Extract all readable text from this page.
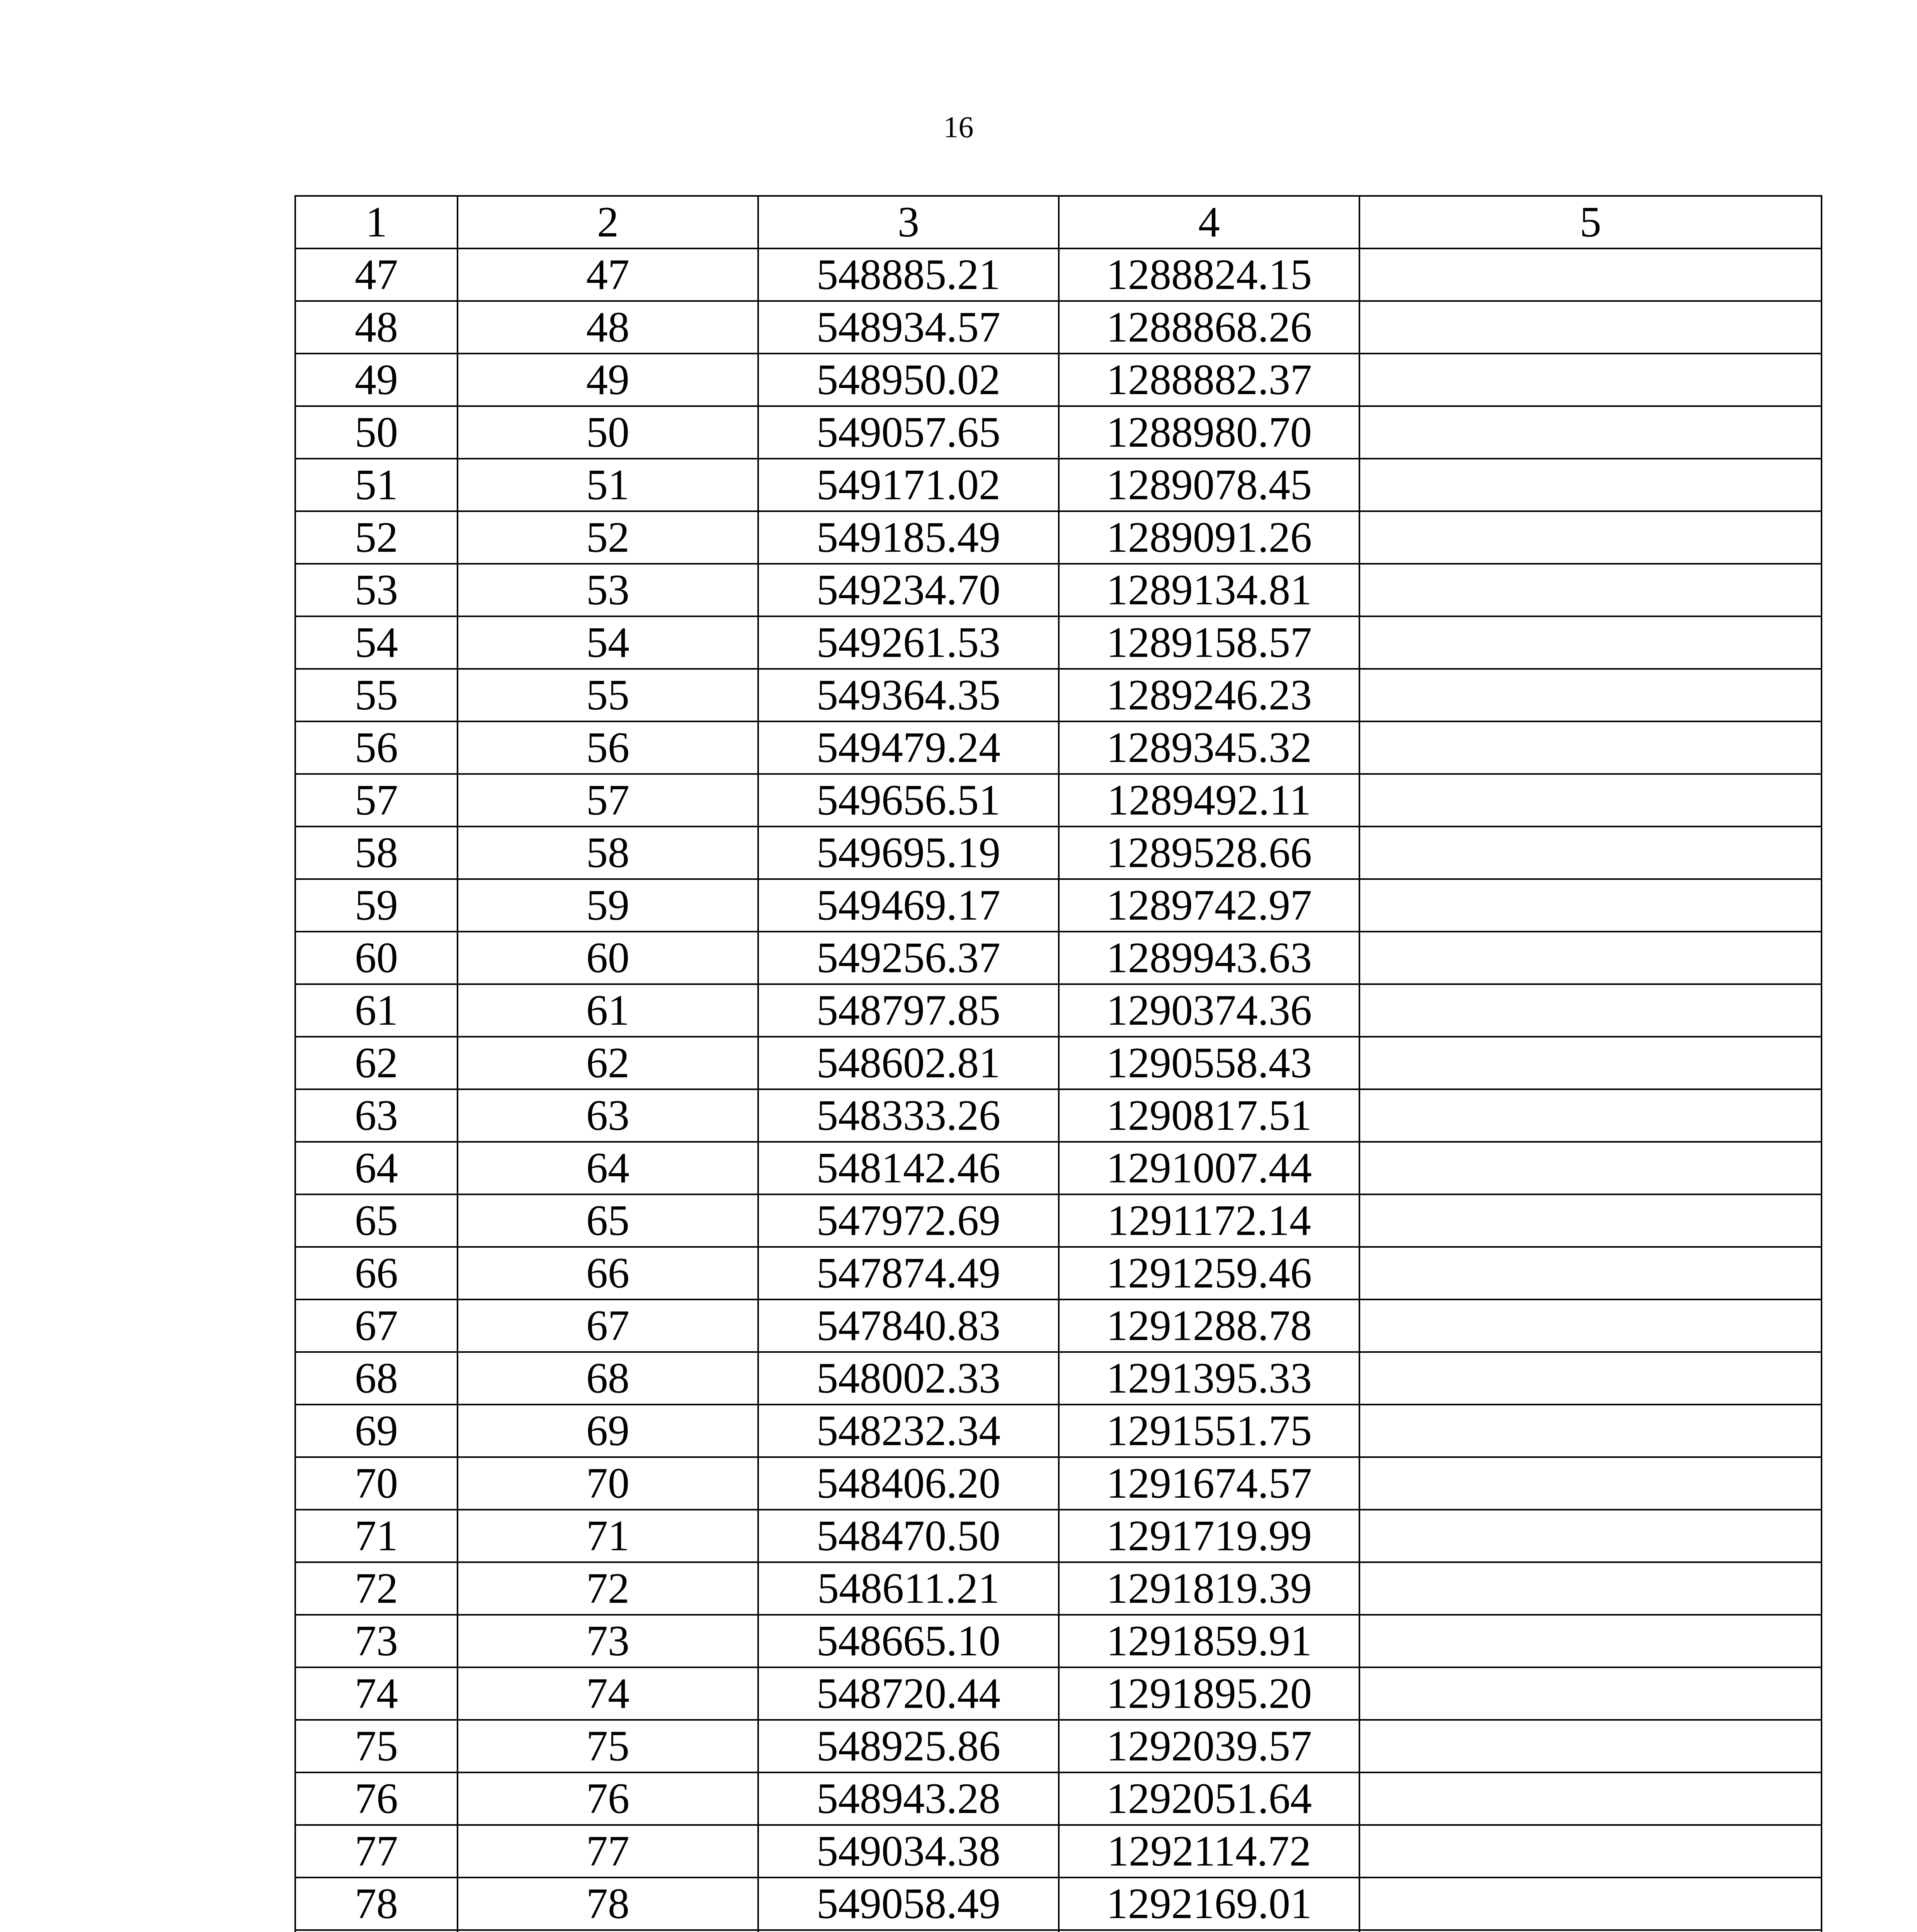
16
1	2	3	4	5
47	47	548885.21	1288824.15	
48	48	548934.57	1288868.26	
49	49	548950.02	1288882.37	
50	50	549057.65	1288980.70	
51	51	549171.02	1289078.45	
52	52	549185.49	1289091.26	
53	53	549234.70	1289134.81	
54	54	549261.53	1289158.57	
55	55	549364.35	1289246.23	
56	56	549479.24	1289345.32	
57	57	549656.51	1289492.11	
58	58	549695.19	1289528.66	
59	59	549469.17	1289742.97	
60	60	549256.37	1289943.63	
61	61	548797.85	1290374.36	
62	62	548602.81	1290558.43	
63	63	548333.26	1290817.51	
64	64	548142.46	1291007.44	
65	65	547972.69	1291172.14	
66	66	547874.49	1291259.46	
67	67	547840.83	1291288.78	
68	68	548002.33	1291395.33	
69	69	548232.34	1291551.75	
70	70	548406.20	1291674.57	
71	71	548470.50	1291719.99	
72	72	548611.21	1291819.39	
73	73	548665.10	1291859.91	
74	74	548720.44	1291895.20	
75	75	548925.86	1292039.57	
76	76	548943.28	1292051.64	
77	77	549034.38	1292114.72	
78	78	549058.49	1292169.01	
